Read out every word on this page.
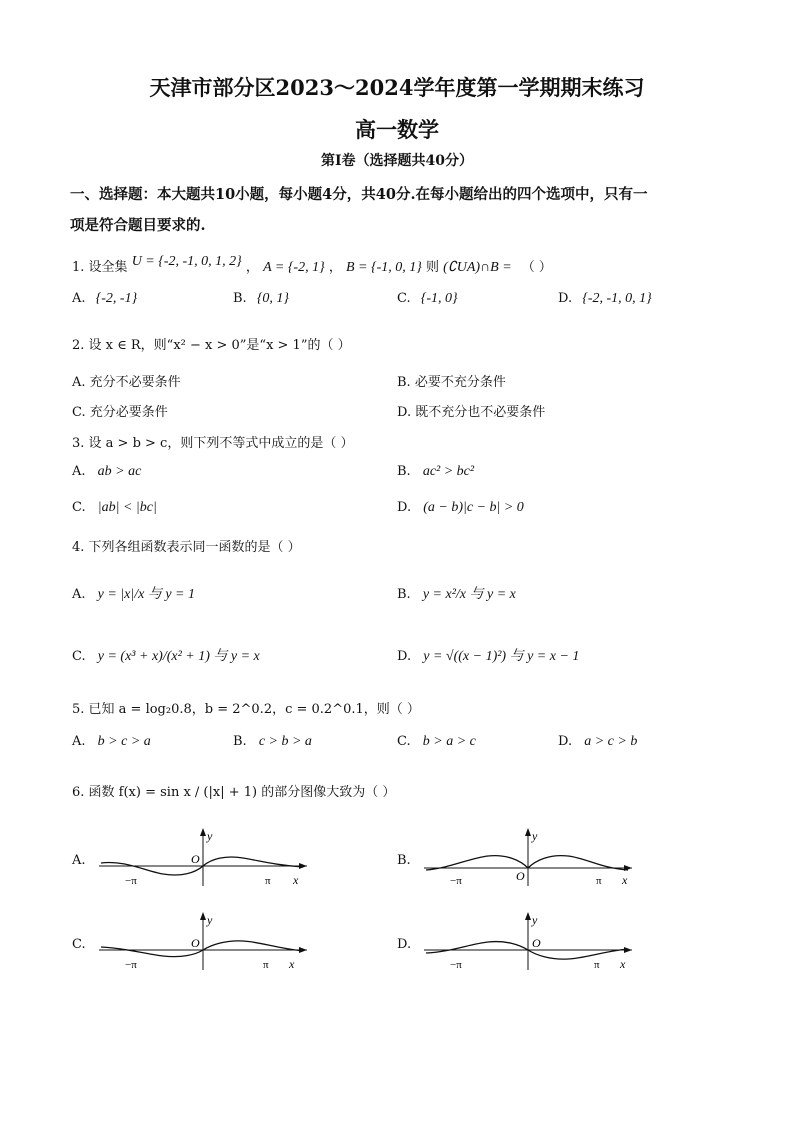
天津市部分区2023～2024学年度第一学期期末练习
高一数学
第Ⅰ卷（选择题共40分）
一、选择题：本大题共10小题，每小题4分，共40分.在每小题给出的四个选项中，只有一
项是符合题目要求的.
1. 设全集 U = {-2, -1, 0, 1, 2} ， A = {-2, 1} ， B = {-1, 0, 1} 则 (∁UA)∩B = （ ）
A. {-2, -1}	B. {0, 1}	C. {-1, 0}	D. {-2, -1, 0, 1}
2. 设 x ∈ R，则“x² − x > 0”是“x > 1”的（ ）
A. 充分不必要条件	B. 必要不充分条件
C. 充分必要条件	D. 既不充分也不必要条件
3. 设 a > b > c，则下列不等式中成立的是（ ）
A. ab > ac	B. ac² > bc²
C. |ab| < |bc|	D. (a − b)|c − b| > 0
4. 下列各组函数表示同一函数的是（ ）
A. y = |x|/x 与 y = 1	B. y = x²/x 与 y = x
C. y = (x³ + x)/(x² + 1) 与 y = x	D. y = √((x − 1)²) 与 y = x − 1
5. 已知 a = log₂0.8，b = 2^0.2，c = 0.2^0.1，则（ ）
A. b > c > a	B. c > b > a	C. b > a > c	D. a > c > b
6. 函数 f(x) = sin x / (|x| + 1) 的部分图像大致为（ ）
A.	B.
C.	D.
y
O
−π	π x
y
O
−π	π x
y
O
−π	π x
y
O
−π	π x
